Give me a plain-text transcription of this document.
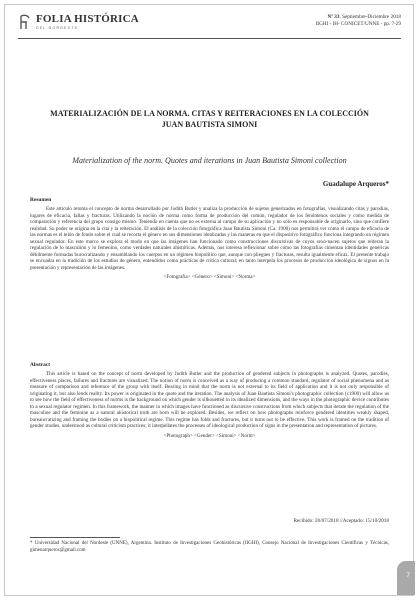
FOLIA HISTÓRICA
DEL NORDESTE
Nº 33. Septiembre-Diciembre 2018
IIGHI - IH- CONICET/UNNE - pp. 7-29
MATERIALIZACIÓN DE LA NORMA. CITAS Y REITERACIONES EN LA COLECCIÓN JUAN BAUTISTA SIMONI
Materialization of the norm. Quotes and iterations in Juan Bautista Simoni collection
Guadalupe Arqueros*
Resumen
Este artículo retoma el concepto de norma desarrollado por Judith Butler y analiza la producción de sujetos generizados en fotografías, visualizando citas y parodias, lugares de eficacia, fallas y fracturas. Utilizando la noción de norma como forma de producción del común, regulador de los fenómenos sociales y como medida de comparación y referencia del grupo consigo mismo. Teniendo en cuenta que no es externa al campo de su aplicación y no sólo es responsable de originarlo, sino que confiere realidad. Su poder se origina en la cita y la reiteración. El análisis de la colección fotográfica Juan Bautista Simoni (Ca. 1900) nos permitirá ver cómo el campo de eficacia de las normas es el telón de fondo sobre el cual se recorta el género en sus dimensiones idealizadas y las maneras en que el dispositivo fotográfico funciona integrando un régimen sexual regulador. En este marco se explora el modo en que las imágenes han funcionado como construcciones discursivas de cuyos sexo-nacen sujetos que reiteran la regulación de lo masculino y lo femenino, como verdades naturales ahistóricas. Además, nos interesa reflexionar sobre cómo las fotografías cimentan identidades genéricas débilmente formadas burocratizando y ensamblando los cuerpos en un régimen biopolítico que, aunque con pliegues y fracturas, resulta igualmente eficaz. El presente trabajo se encuadra en la tradición de los estudios de género, entendidos como prácticas de crítica cultural; en tanto interpela los procesos de producción ideológica de signos en la presentación y representación de las imágenes.
<Fotografía> <Género> <Simoni> <Norma>
Abstract
This article is based on the concept of norm developed by Judith Butler and the production of gendered subjects in photographs is analyzed. Quotes, parodies, effectiveness places, failures and fractures are visualized. The notion of norm is conceived as a way of producing a common standard, regulator of social phenomena and as measure of comparison and reference of the group with itself. Bearing in mind that the norm is not external to its field of application and it is not only responsible of originating it, but also lends reality. Its power is originated in the quote and the iteration. The analysis of Juan Bautista Simoni's photographic collection (c1900) will allow us to see how the field of effectiveness of norms is the background on which gender is silhouetted in its idealized dimensions, and the ways in the photographic device contributes to a sexual regulator regimen. In this framework, the manner in which images have functioned as discursive constructions from which subjects that iterate the regulation of the masculine and the feminine as a natural ahistorical truth are born will be explored. Besides, we reflect on how photographs reinforce gendered identities weakly shaped, bureaucratizing and framing the bodies on a biopolitical regime. This regime has folds and fractures, but it turns out to be effective. This work is framed on the tradition of gender studies, understood as cultural criticism practices; it interpellates the processes of ideological production of signs in the presentation and representation of pictures.
<Photograph> <Gender> <Simoni> <Norm>
Recibido: 20/07/2018 //Aceptado: 15/10/2018
* Universidad Nacional del Nordeste (UNNE), Argentina. Instituto de Investigaciones Geohistóricas (IIGHI), Consejo Nacional de Investigaciones Científicas y Técnicas, gimenarqueros@gmail.com
7
